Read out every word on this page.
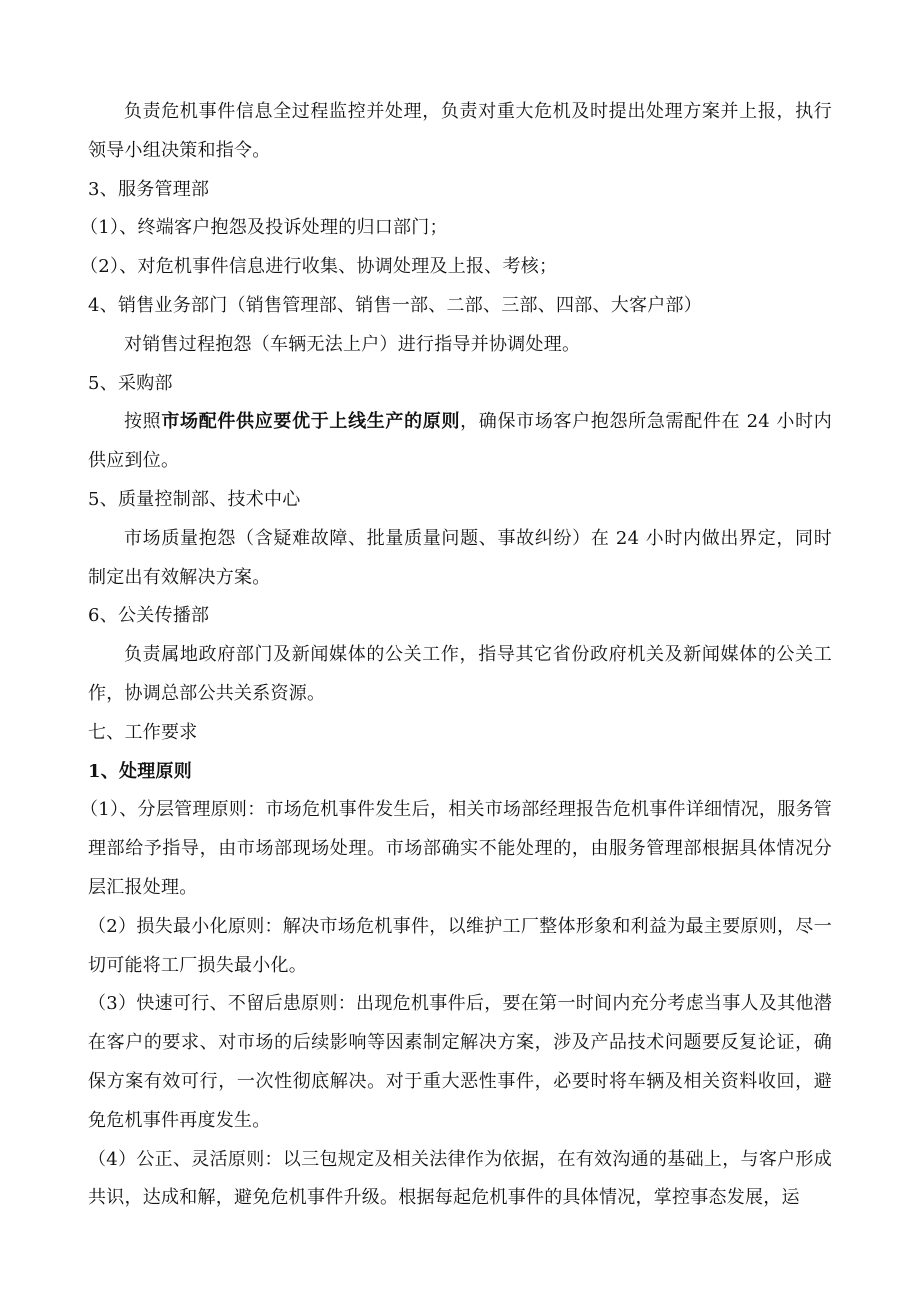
负责危机事件信息全过程监控并处理，负责对重大危机及时提出处理方案并上报，执行领导小组决策和指令。

3、服务管理部

（1）、终端客户抱怨及投诉处理的归口部门；

（2）、对危机事件信息进行收集、协调处理及上报、考核；

4、销售业务部门（销售管理部、销售一部、二部、三部、四部、大客户部）

对销售过程抱怨（车辆无法上户）进行指导并协调处理。

5、采购部

按照市场配件供应要优于上线生产的原则，确保市场客户抱怨所急需配件在 24 小时内供应到位。

5、质量控制部、技术中心

市场质量抱怨（含疑难故障、批量质量问题、事故纠纷）在 24 小时内做出界定，同时制定出有效解决方案。

6、公关传播部

负责属地政府部门及新闻媒体的公关工作，指导其它省份政府机关及新闻媒体的公关工作，协调总部公共关系资源。

七、工作要求

1、处理原则

（1）、分层管理原则：市场危机事件发生后，相关市场部经理报告危机事件详细情况，服务管理部给予指导，由市场部现场处理。市场部确实不能处理的，由服务管理部根据具体情况分层汇报处理。

（2）损失最小化原则：解决市场危机事件，以维护工厂整体形象和利益为最主要原则，尽一切可能将工厂损失最小化。

（3）快速可行、不留后患原则：出现危机事件后，要在第一时间内充分考虑当事人及其他潜在客户的要求、对市场的后续影响等因素制定解决方案，涉及产品技术问题要反复论证，确保方案有效可行，一次性彻底解决。对于重大恶性事件，必要时将车辆及相关资料收回，避免危机事件再度发生。

（4）公正、灵活原则：以三包规定及相关法律作为依据，在有效沟通的基础上，与客户形成共识，达成和解，避免危机事件升级。根据每起危机事件的具体情况，掌控事态发展，运
